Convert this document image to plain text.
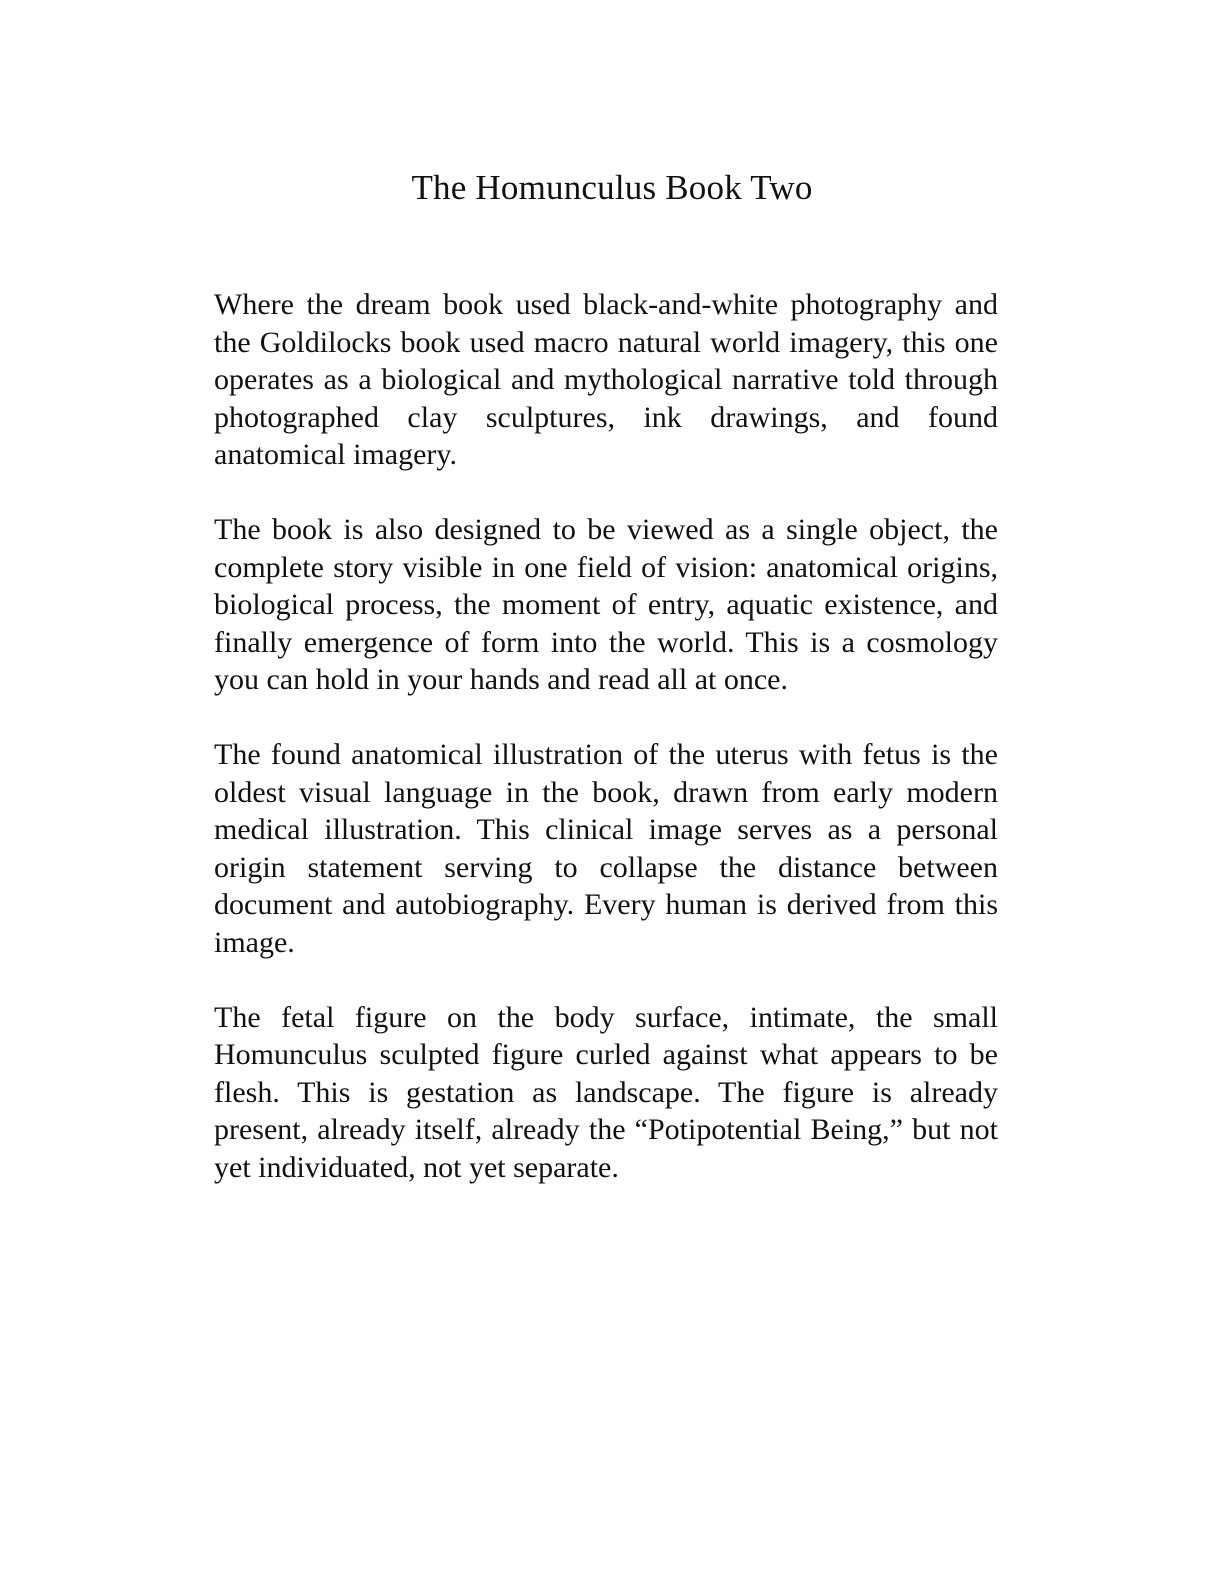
The Homunculus Book Two

Where the dream book used black-and-white photography and the Goldilocks book used macro natural world imagery, this one operates as a biological and mythological narrative told through photographed clay sculptures, ink drawings, and found anatomical imagery.

The book is also designed to be viewed as a single object, the complete story visible in one field of vision: anatomical origins, biological process, the moment of entry, aquatic existence, and finally emergence of form into the world. This is a cosmology you can hold in your hands and read all at once.

The found anatomical illustration of the uterus with fetus is the oldest visual language in the book, drawn from early modern medical illustration. This clinical image serves as a personal origin statement serving to collapse the distance between document and autobiography. Every human is derived from this image.

The fetal figure on the body surface, intimate, the small Homunculus sculpted figure curled against what appears to be flesh. This is gestation as landscape. The figure is already present, already itself, already the “Potipotential Being,” but not yet individuated, not yet separate.
